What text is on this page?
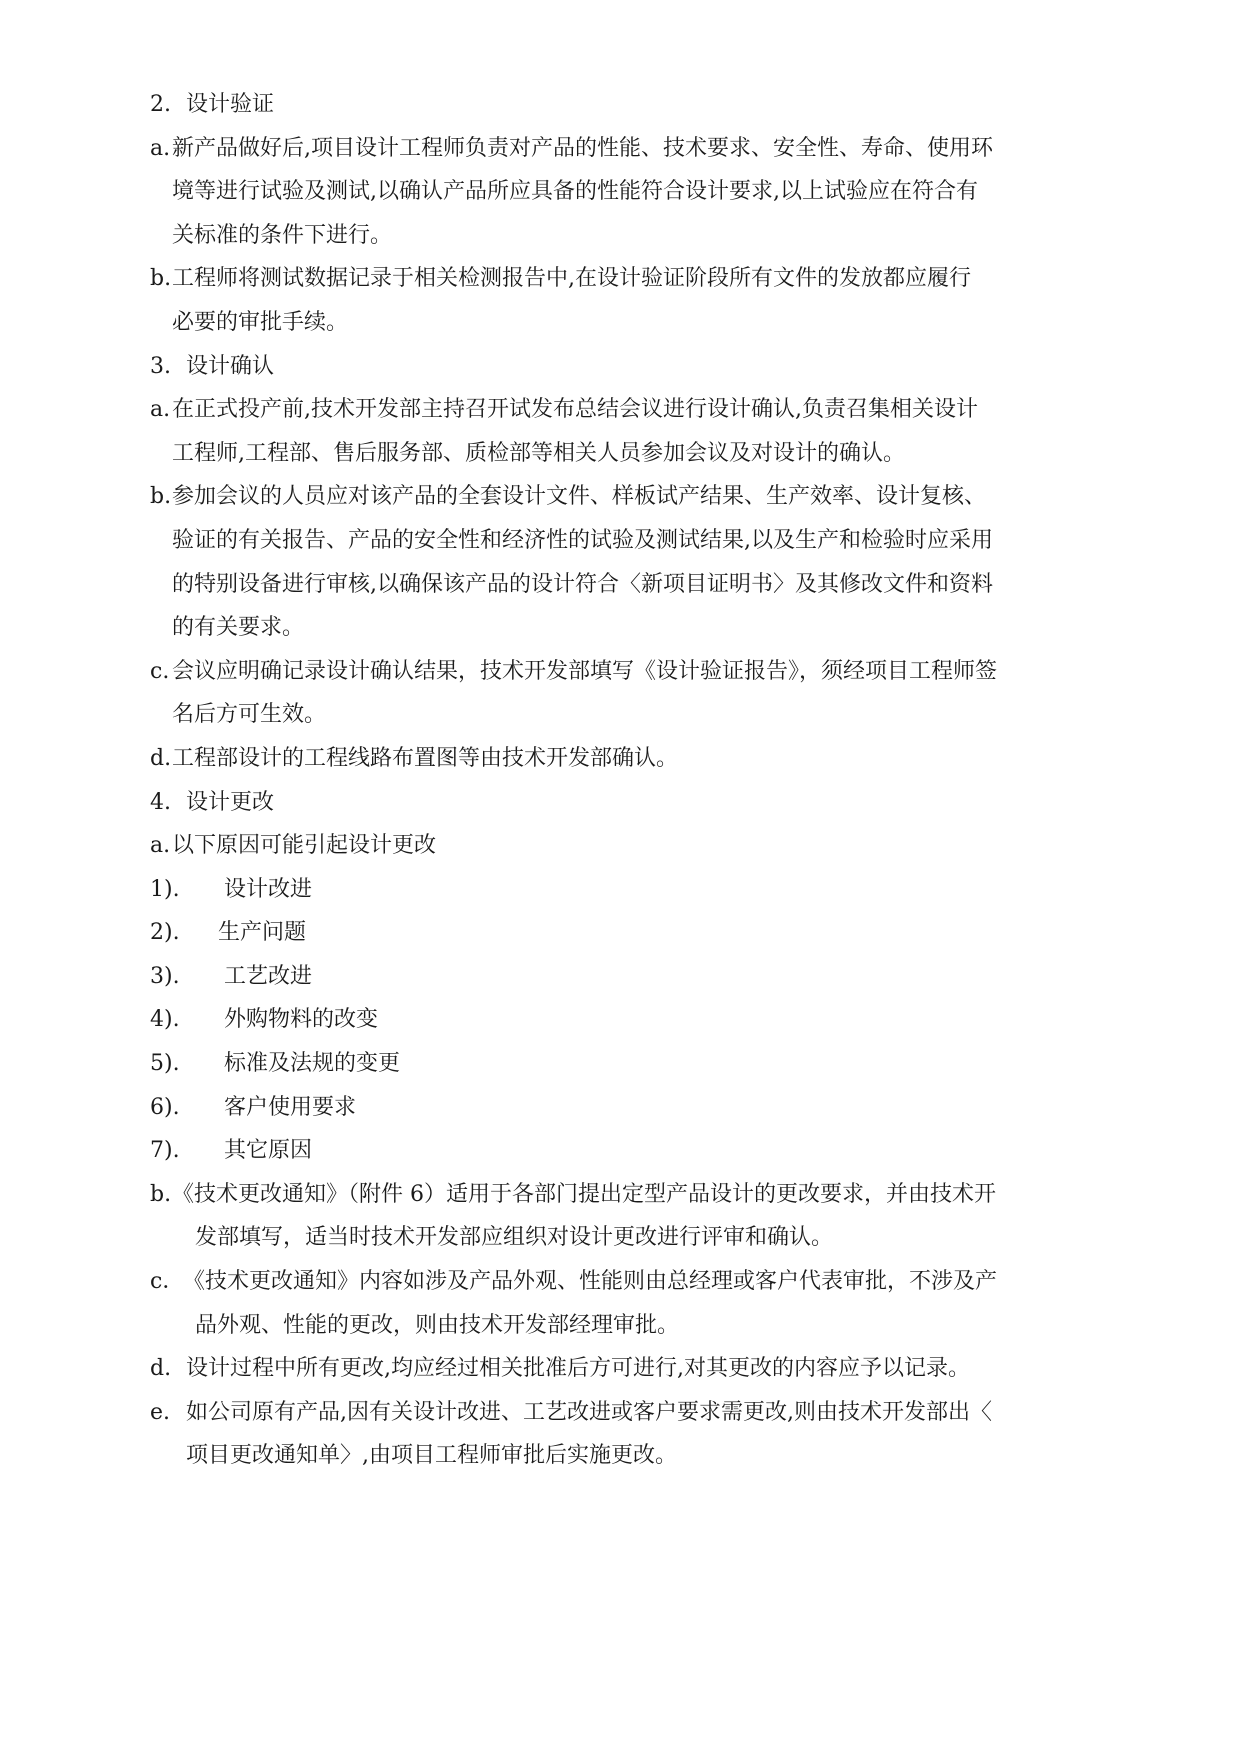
2. 设计验证
a.新产品做好后,项目设计工程师负责对产品的性能、技术要求、安全性、寿命、使用环
境等进行试验及测试,以确认产品所应具备的性能符合设计要求,以上试验应在符合有
关标准的条件下进行。
b.工程师将测试数据记录于相关检测报告中,在设计验证阶段所有文件的发放都应履行
必要的审批手续。
3. 设计确认
a.在正式投产前,技术开发部主持召开试发布总结会议进行设计确认,负责召集相关设计
工程师,工程部、售后服务部、质检部等相关人员参加会议及对设计的确认。
b.参加会议的人员应对该产品的全套设计文件、样板试产结果、生产效率、设计复核、
验证的有关报告、产品的安全性和经济性的试验及测试结果,以及生产和检验时应采用
的特别设备进行审核,以确保该产品的设计符合〈新项目证明书〉及其修改文件和资料
的有关要求。
c. 会议应明确记录设计确认结果，技术开发部填写《设计验证报告》，须经项目工程师签
名后方可生效。
d.工程部设计的工程线路布置图等由技术开发部确认。
4. 设计更改
a.以下原因可能引起设计更改
1). 设计改进
2). 生产问题
3). 工艺改进
4). 外购物料的改变
5). 标准及法规的变更
6). 客户使用要求
7). 其它原因
b.《技术更改通知》（附件 6）适用于各部门提出定型产品设计的更改要求，并由技术开
发部填写，适当时技术开发部应组织对设计更改进行评审和确认。
c．《技术更改通知》内容如涉及产品外观、性能则由总经理或客户代表审批，不涉及产
品外观、性能的更改，则由技术开发部经理审批。
d. 设计过程中所有更改,均应经过相关批准后方可进行,对其更改的内容应予以记录。
e. 如公司原有产品,因有关设计改进、工艺改进或客户要求需更改,则由技术开发部出〈
项目更改通知单〉,由项目工程师审批后实施更改。
